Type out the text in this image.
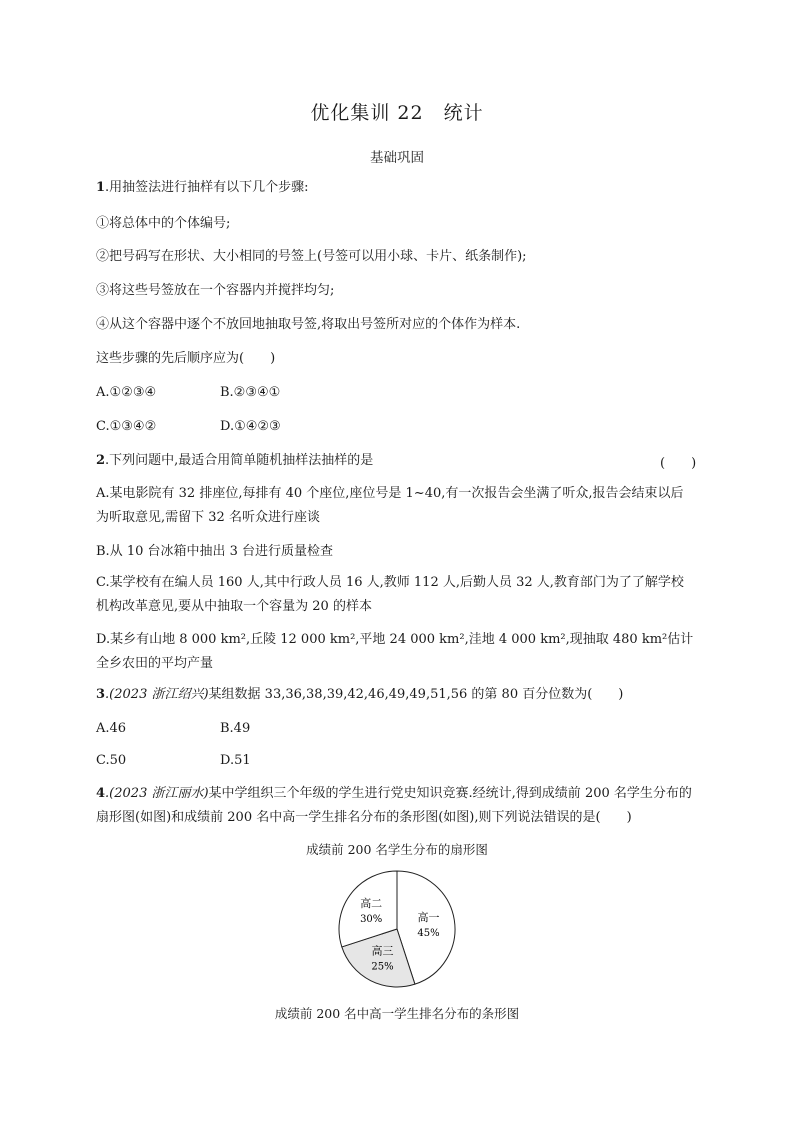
优化集训 22　统计
基础巩固
1.用抽签法进行抽样有以下几个步骤:
①将总体中的个体编号;
②把号码写在形状、大小相同的号签上(号签可以用小球、卡片、纸条制作);
③将这些号签放在一个容器内并搅拌均匀;
④从这个容器中逐个不放回地抽取号签,将取出号签所对应的个体作为样本.
这些步骤的先后顺序应为(　　)
A.①②③④	B.②③④①
C.①③④②	D.①④②③
2.下列问题中,最适合用简单随机抽样法抽样的是	(　　)
A.某电影院有 32 排座位,每排有 40 个座位,座位号是 1~40,有一次报告会坐满了听众,报告会结束以后为听取意见,需留下 32 名听众进行座谈
B.从 10 台冰箱中抽出 3 台进行质量检查
C.某学校有在编人员 160 人,其中行政人员 16 人,教师 112 人,后勤人员 32 人,教育部门为了了解学校机构改革意见,要从中抽取一个容量为 20 的样本
D.某乡有山地 8 000 km²,丘陵 12 000 km²,平地 24 000 km²,洼地 4 000 km²,现抽取 480 km²估计全乡农田的平均产量
3.(2023 浙江绍兴)某组数据 33,36,38,39,42,46,49,49,51,56 的第 80 百分位数为(　　)
A.46	B.49
C.50	D.51
4.(2023 浙江丽水)某中学组织三个年级的学生进行党史知识竞赛.经统计,得到成绩前 200 名学生分布的扇形图(如图)和成绩前 200 名中高一学生排名分布的条形图(如图),则下列说法错误的是(　　)
成绩前 200 名学生分布的扇形图
高一
45%
高三
25%
高二
30%
成绩前 200 名中高一学生排名分布的条形图
